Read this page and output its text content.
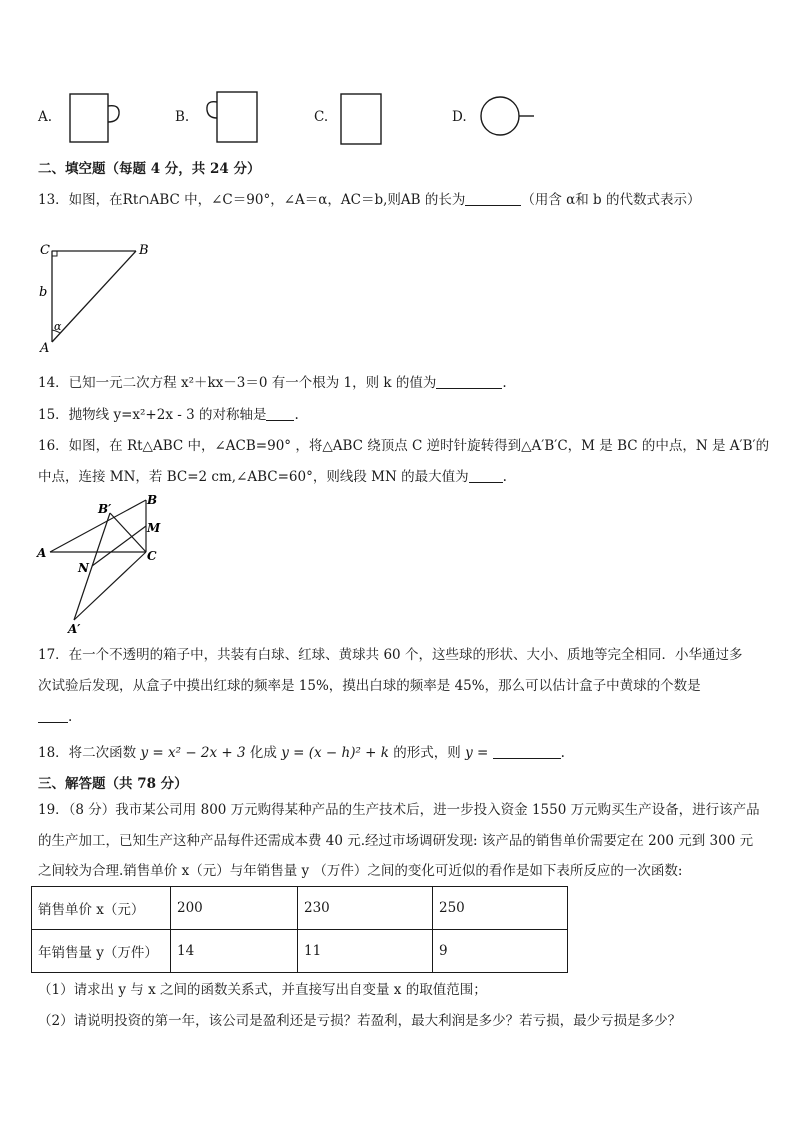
A.	B.	C.	D.
二、填空题（每题 4 分，共 24 分）
13．如图，在Rt∩ABC 中，∠C＝90°，∠A＝α，AC＝b,则AB 的长为	（用含 α和 b 的代数式表示）
C	B
A
b
α
14．已知一元二次方程 x²＋kx－3＝0 有一个根为 1，则 k 的值为	.
15．抛物线 y=x²+2x - 3 的对称轴是 .
16．如图，在 Rt△ABC 中，∠ACB=90° ，将△ABC 绕顶点 C 逆时针旋转得到△A′B′C，M 是 BC 的中点，N 是 A′B′的
中点，连接 MN，若 BC=2 cm,∠ABC=60°，则线段 MN 的最大值为	.
B
B′
M
A	C
N
A′
17．在一个不透明的箱子中，共装有白球、红球、黄球共 60 个，这些球的形状、大小、质地等完全相同．小华通过多
次试验后发现，从盒子中摸出红球的频率是 15%，摸出白球的频率是 45%，那么可以估计盒子中黄球的个数是
.
18．将二次函数 y = x² − 2x + 3 化成 y = (x − h)² + k 的形式，则 y =	.
三、解答题（共 78 分）
19．（8 分）我市某公司用 800 万元购得某种产品的生产技术后，进一步投入资金 1550 万元购买生产设备，进行该产品
的生产加工，已知生产这种产品每件还需成本费 40 元.经过市场调研发现: 该产品的销售单价需要定在 200 元到 300 元
之间较为合理.销售单价 x（元）与年销售量 y （万件）之间的变化可近似的看作是如下表所反应的一次函数:
销售单价 x（元）	200	230	250
年销售量 y（万件）	14	11	9
（1）请求出 y 与 x 之间的函数关系式，并直接写出自变量 x 的取值范围；
（2）请说明投资的第一年，该公司是盈利还是亏损？若盈利，最大利润是多少？若亏损，最少亏损是多少？
